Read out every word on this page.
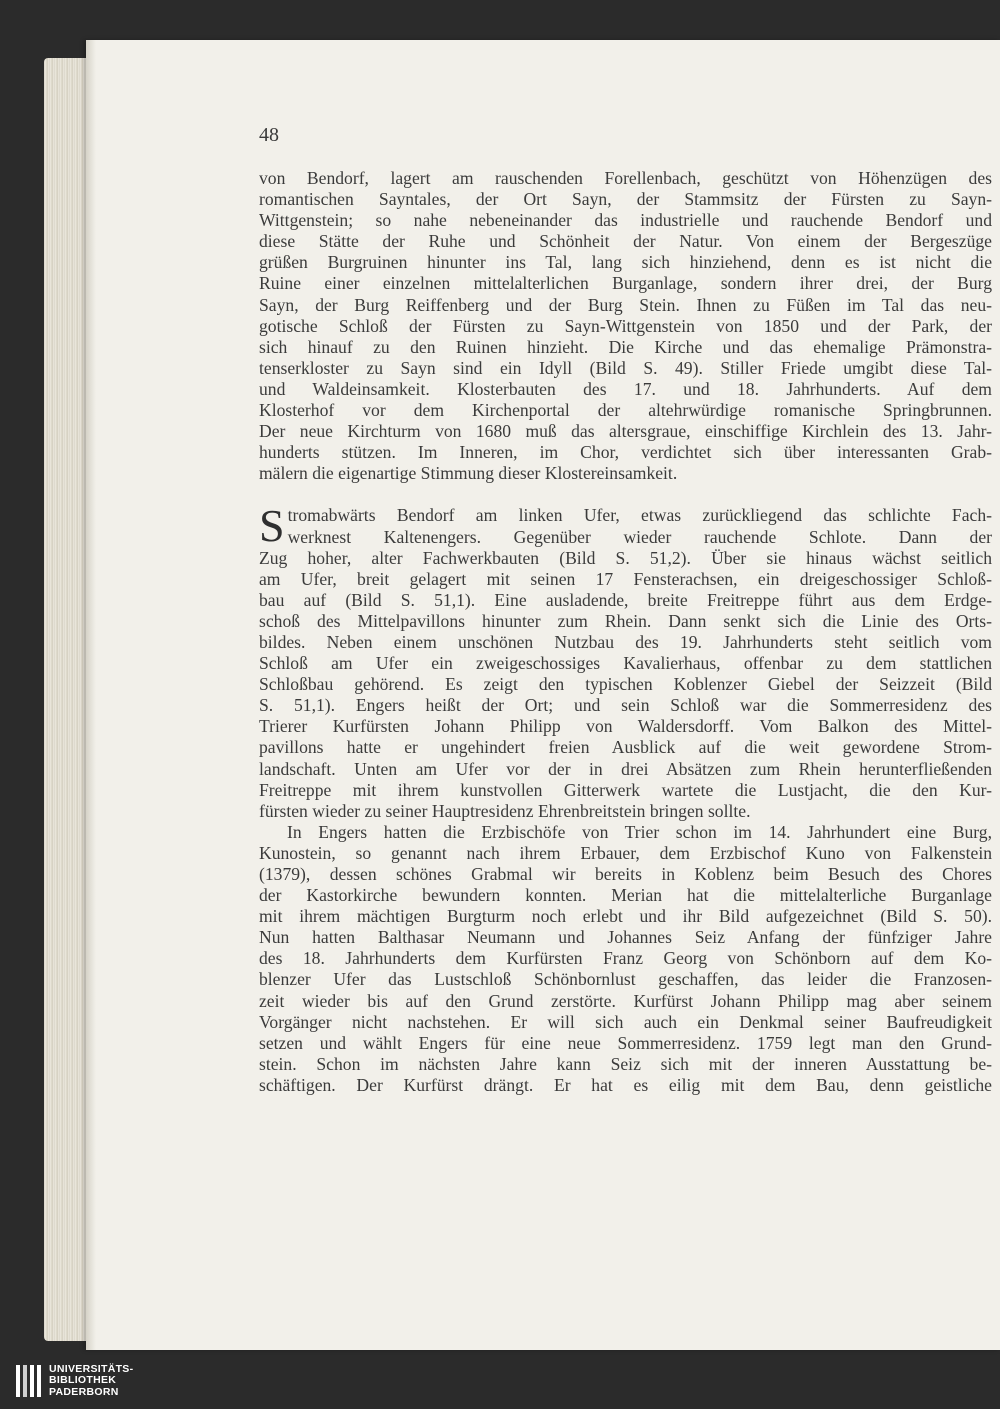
48

von Bendorf, lagert am rauschenden Forellenbach, geschützt von Höhenzügen des

romantischen Sayntales, der Ort Sayn, der Stammsitz der Fürsten zu Sayn-

Wittgenstein; so nahe nebeneinander das industrielle und rauchende Bendorf und

diese Stätte der Ruhe und Schönheit der Natur. Von einem der Bergeszüge

grüßen Burgruinen hinunter ins Tal, lang sich hinziehend, denn es ist nicht die

Ruine einer einzelnen mittelalterlichen Burganlage, sondern ihrer drei, der Burg

Sayn, der Burg Reiffenberg und der Burg Stein. Ihnen zu Füßen im Tal das neu-

gotische Schloß der Fürsten zu Sayn-Wittgenstein von 1850 und der Park, der

sich hinauf zu den Ruinen hinzieht. Die Kirche und das ehemalige Prämonstra-

tenserkloster zu Sayn sind ein Idyll (Bild S. 49). Stiller Friede umgibt diese Tal-

und Waldeinsamkeit. Klosterbauten des 17. und 18. Jahrhunderts. Auf dem

Klosterhof vor dem Kirchenportal der altehrwürdige romanische Springbrunnen.

Der neue Kirchturm von 1680 muß das altersgraue, einschiffige Kirchlein des 13. Jahr-

hunderts stützen. Im Inneren, im Chor, verdichtet sich über interessanten Grab-

mälern die eigenartige Stimmung dieser Klostereinsamkeit.

S tromabwärts Bendorf am linken Ufer, etwas zurückliegend das schlichte Fach-

werknest Kaltenengers. Gegenüber wieder rauchende Schlote. Dann der

Zug hoher, alter Fachwerkbauten (Bild S. 51,2). Über sie hinaus wächst seitlich

am Ufer, breit gelagert mit seinen 17 Fensterachsen, ein dreigeschossiger Schloß-

bau auf (Bild S. 51,1). Eine ausladende, breite Freitreppe führt aus dem Erdge-

schoß des Mittelpavillons hinunter zum Rhein. Dann senkt sich die Linie des Orts-

bildes. Neben einem unschönen Nutzbau des 19. Jahrhunderts steht seitlich vom

Schloß am Ufer ein zweigeschossiges Kavalierhaus, offenbar zu dem stattlichen

Schloßbau gehörend. Es zeigt den typischen Koblenzer Giebel der Seizzeit (Bild

S. 51,1). Engers heißt der Ort; und sein Schloß war die Sommerresidenz des

Trierer Kurfürsten Johann Philipp von Waldersdorff. Vom Balkon des Mittel-

pavillons hatte er ungehindert freien Ausblick auf die weit gewordene Strom-

landschaft. Unten am Ufer vor der in drei Absätzen zum Rhein herunterfließenden

Freitreppe mit ihrem kunstvollen Gitterwerk wartete die Lustjacht, die den Kur-

fürsten wieder zu seiner Hauptresidenz Ehrenbreitstein bringen sollte.

In Engers hatten die Erzbischöfe von Trier schon im 14. Jahrhundert eine Burg,

Kunostein, so genannt nach ihrem Erbauer, dem Erzbischof Kuno von Falkenstein

(1379), dessen schönes Grabmal wir bereits in Koblenz beim Besuch des Chores

der Kastorkirche bewundern konnten. Merian hat die mittelalterliche Burganlage

mit ihrem mächtigen Burgturm noch erlebt und ihr Bild aufgezeichnet (Bild S. 50).

Nun hatten Balthasar Neumann und Johannes Seiz Anfang der fünfziger Jahre

des 18. Jahrhunderts dem Kurfürsten Franz Georg von Schönborn auf dem Ko-

blenzer Ufer das Lustschloß Schönbornlust geschaffen, das leider die Franzosen-

zeit wieder bis auf den Grund zerstörte. Kurfürst Johann Philipp mag aber seinem

Vorgänger nicht nachstehen. Er will sich auch ein Denkmal seiner Baufreudigkeit

setzen und wählt Engers für eine neue Sommerresidenz. 1759 legt man den Grund-

stein. Schon im nächsten Jahre kann Seiz sich mit der inneren Ausstattung be-

schäftigen. Der Kurfürst drängt. Er hat es eilig mit dem Bau, denn geistliche

UNIVERSITÄTS-
BIBLIOTHEK
PADERBORN
